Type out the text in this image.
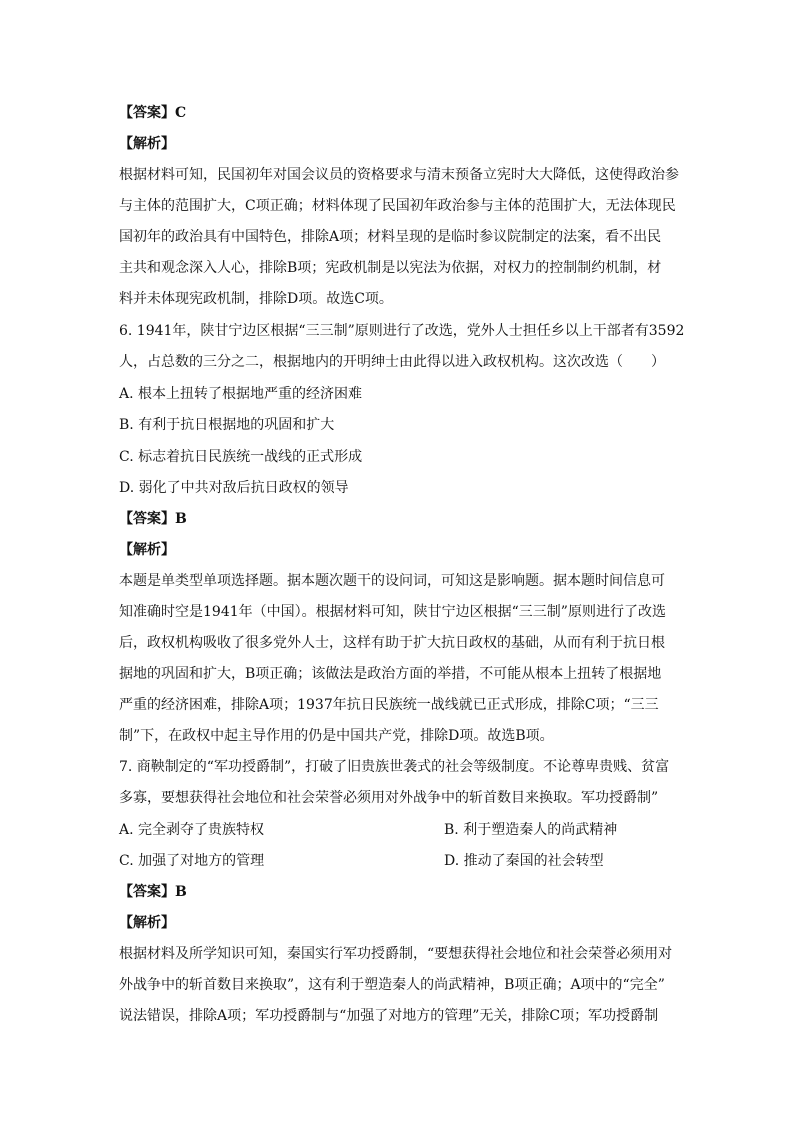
【答案】C
【解析】
根据材料可知，民国初年对国会议员的资格要求与清末预备立宪时大大降低，这使得政治参
与主体的范围扩大，C项正确；材料体现了民国初年政治参与主体的范围扩大，无法体现民
国初年的政治具有中国特色，排除A项；材料呈现的是临时参议院制定的法案，看不出民
主共和观念深入人心，排除B项；宪政机制是以宪法为依据，对权力的控制制约机制，材
料并未体现宪政机制，排除D项。故选C项。
6. 1941年，陕甘宁边区根据“三三制”原则进行了改选，党外人士担任乡以上干部者有3592
人，占总数的三分之二，根据地内的开明绅士由此得以进入政权机构。这次改选（　　）
A. 根本上扭转了根据地严重的经济困难
B. 有利于抗日根据地的巩固和扩大
C. 标志着抗日民族统一战线的正式形成
D. 弱化了中共对敌后抗日政权的领导
【答案】B
【解析】
本题是单类型单项选择题。据本题次题干的设问词，可知这是影响题。据本题时间信息可
知准确时空是1941年（中国）。根据材料可知，陕甘宁边区根据“三三制”原则进行了改选
后，政权机构吸收了很多党外人士，这样有助于扩大抗日政权的基础，从而有利于抗日根
据地的巩固和扩大，B项正确；该做法是政治方面的举措，不可能从根本上扭转了根据地
严重的经济困难，排除A项；1937年抗日民族统一战线就已正式形成，排除C项；“三三
制”下，在政权中起主导作用的仍是中国共产党，排除D项。故选B项。
7. 商鞅制定的“军功授爵制”，打破了旧贵族世袭式的社会等级制度。不论尊卑贵贱、贫富
多寡，要想获得社会地位和社会荣誉必须用对外战争中的斩首数目来换取。军功授爵制”
A. 完全剥夺了贵族特权	B. 利于塑造秦人的尚武精神
C. 加强了对地方的管理	D. 推动了秦国的社会转型
【答案】B
【解析】
根据材料及所学知识可知，秦国实行军功授爵制，“要想获得社会地位和社会荣誉必须用对
外战争中的斩首数目来换取”，这有利于塑造秦人的尚武精神，B项正确；A项中的“完全”
说法错误，排除A项；军功授爵制与“加强了对地方的管理”无关，排除C项；军功授爵制
